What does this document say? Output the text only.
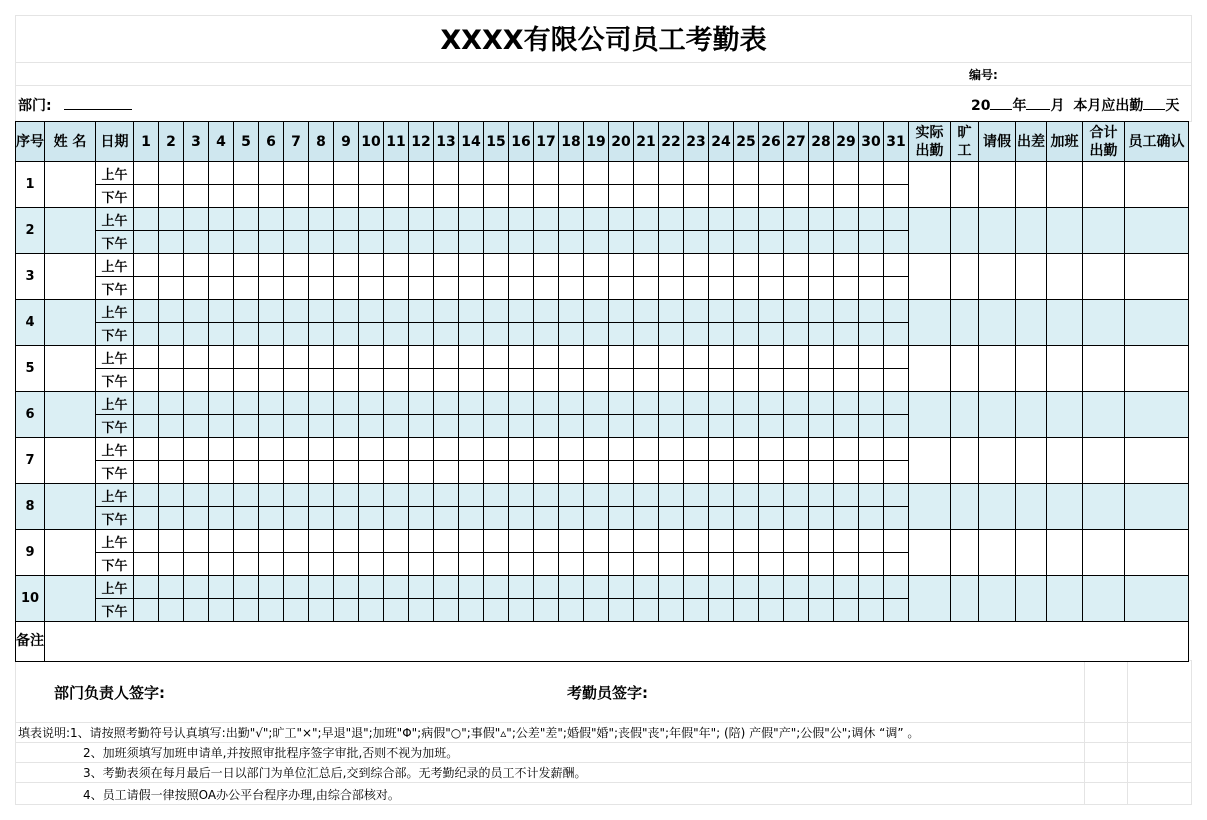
XXXX有限公司员工考勤表
编号:
部门:	20 年 月 本月应出勤 天
序号	姓 名	日期	1	2	3	4	5	6	7	8	9	10	11	12	13	14	15	16	17	18	19	20	21	22	23	24	25	26	27	28	29	30	31	实际出勤	旷工	请假	出差	加班	合计出勤	员工确认
1		上午																																						
		下午																																						
2		上午																																						
		下午																																						
3		上午																																						
		下午																																						
4		上午																																						
		下午																																						
5		上午																																						
		下午																																						
6		上午																																						
		下午																																						
7		上午																																						
		下午																																						
8		上午																																						
		下午																																						
9		上午																																						
		下午																																						
10		上午																																						
		下午																																						
备注																																								
部门负责人签字:	考勤员签字:
填表说明:1、请按照考勤符号认真填写:出勤"√";旷工"×";早退"退";加班"Φ";病假"○";事假"▵";公差"差";婚假"婚";丧假"丧";年假"年"; (陪) 产假"产";公假"公";调休 “调” 。
2、加班须填写加班申请单,并按照审批程序签字审批,否则不视为加班。
3、考勤表须在每月最后一日以部门为单位汇总后,交到综合部。无考勤纪录的员工不计发薪酬。
4、员工请假一律按照OA办公平台程序办理,由综合部核对。
